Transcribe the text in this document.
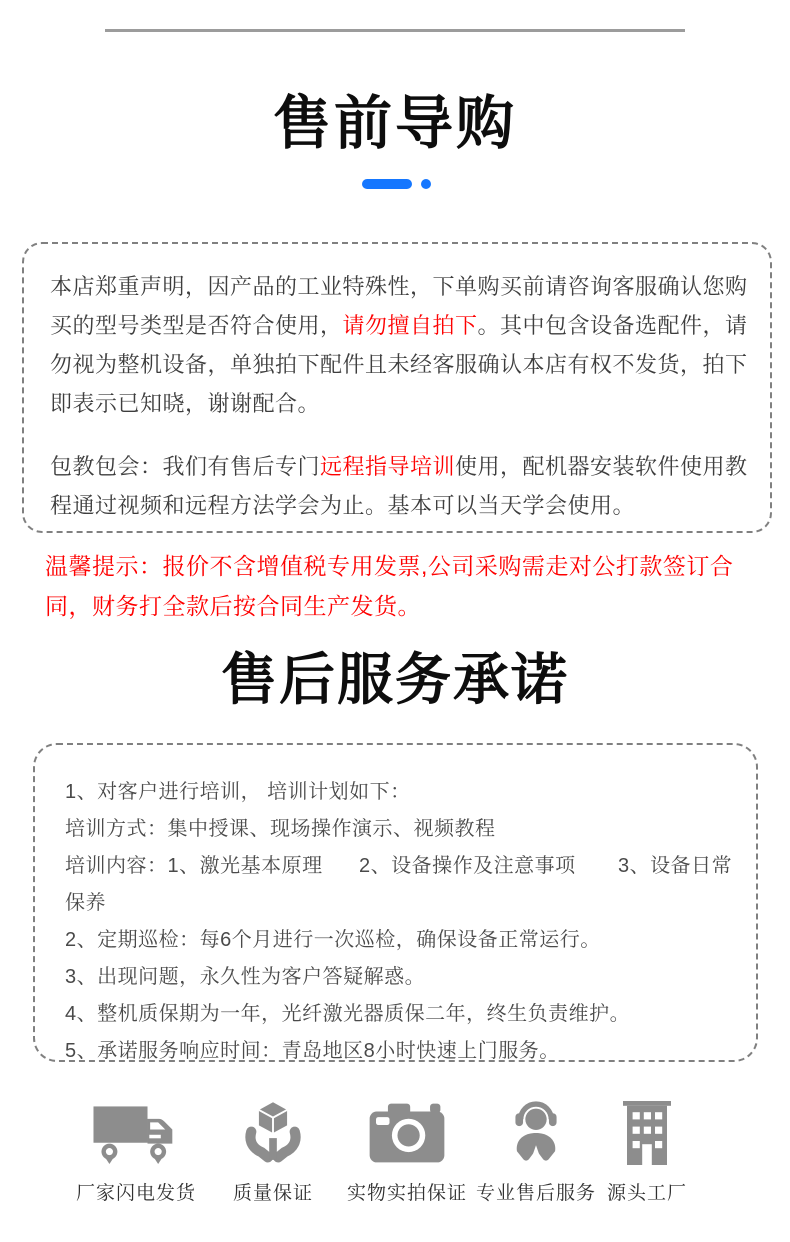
售前导购

本店郑重声明，因产品的工业特殊性，下单购买前请咨询客服确认您购买的型号类型是否符合使用，请勿擅自拍下。其中包含设备选配件，请勿视为整机设备，单独拍下配件且未经客服确认本店有权不发货，拍下即表示已知晓，谢谢配合。

包教包会：我们有售后专门远程指导培训使用，配机器安装软件使用教程通过视频和远程方法学会为止。基本可以当天学会使用。

温馨提示：报价不含增值税专用发票,公司采购需走对公打款签订合同，财务打全款后按合同生产发货。
售后服务承诺
1、对客户进行培训， 培训计划如下：
培训方式：集中授课、现场操作演示、视频教程
培训内容：1、激光基本原理      2、设备操作及注意事项       3、设备日常保养
2、定期巡检：每6个月进行一次巡检，确保设备正常运行。
3、出现问题，永久性为客户答疑解惑。
4、整机质保期为一年，光纤激光器质保二年，终生负责维护。
5、承诺服务响应时间：青岛地区8小时快速上门服务。
厂家闪电发货	质量保证	实物实拍保证 专业售后服务 源头工厂
